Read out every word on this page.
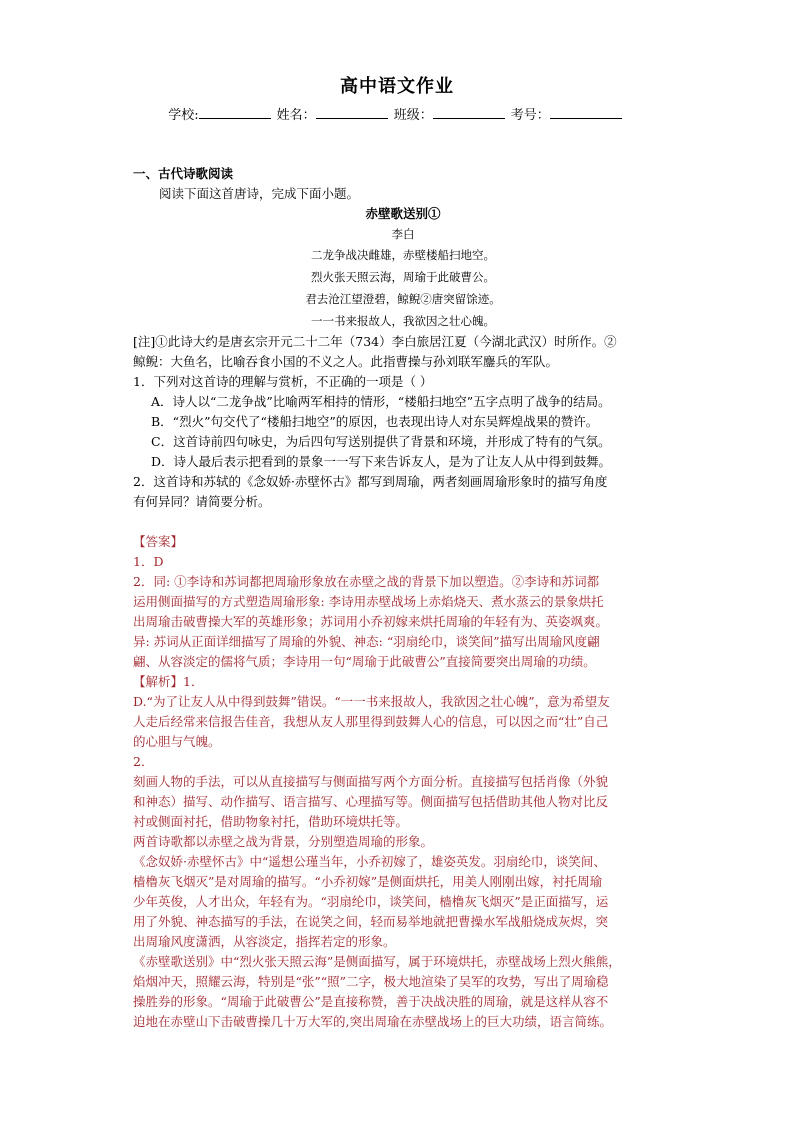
高中语文作业
学校:	姓名：	班级：	考号：

一、古代诗歌阅读

阅读下面这首唐诗，完成下面小题。

赤壁歌送别①

李白

二龙争战决雌雄，赤壁楼船扫地空。

烈火张天照云海，周瑜于此破曹公。

君去沧江望澄碧，鲸鲵②唐突留馀迹。

一一书来报故人，我欲因之壮心魄。

[注]①此诗大约是唐玄宗开元二十二年（734）李白旅居江夏（今湖北武汉）时所作。②

鲸鲵：大鱼名，比喻吞食小国的不义之人。此指曹操与孙刘联军鏖兵的军队。

1．下列对这首诗的理解与赏析，不正确的一项是（ ）

A．诗人以“二龙争战”比喻两军相持的情形，“楼船扫地空”五字点明了战争的结局。

B．“烈火”句交代了“楼船扫地空”的原因，也表现出诗人对东吴辉煌战果的赞许。

C．这首诗前四句咏史，为后四句写送别提供了背景和环境，并形成了特有的气氛。

D．诗人最后表示把看到的景象一一写下来告诉友人，是为了让友人从中得到鼓舞。

2．这首诗和苏轼的《念奴娇·赤壁怀古》都写到周瑜，两者刻画周瑜形象时的描写角度

有何异同？请简要分析。

【答案】

1．D

2．同: ①李诗和苏词都把周瑜形象放在赤壁之战的背景下加以塑造。②李诗和苏词都

运用侧面描写的方式塑造周瑜形象: 李诗用赤壁战场上赤焰烧天、煮水蒸云的景象烘托

出周瑜击破曹操大军的英雄形象；苏词用小乔初嫁来烘托周瑜的年轻有为、英姿飒爽。

异: 苏词从正面详细描写了周瑜的外貌、神态: “羽扇纶巾，谈笑间”描写出周瑜风度翩

翩、从容淡定的儒将气质；李诗用一句“周瑜于此破曹公”直接简要突出周瑜的功绩。

【解析】1．

D.“为了让友人从中得到鼓舞”错误。“一一书来报故人，我欲因之壮心魄”，意为希望友

人走后经常来信报告佳音，我想从友人那里得到鼓舞人心的信息，可以因之而“壮”自己

的心胆与气魄。

2．

刻画人物的手法，可以从直接描写与侧面描写两个方面分析。直接描写包括肖像（外貌

和神态）描写、动作描写、语言描写、心理描写等。侧面描写包括借助其他人物对比反

衬或侧面衬托，借助物象衬托，借助环境烘托等。

两首诗歌都以赤壁之战为背景，分别塑造周瑜的形象。

《念奴娇·赤壁怀古》中“遥想公瑾当年，小乔初嫁了，雄姿英发。羽扇纶巾，谈笑间、

樯橹灰飞烟灭”是对周瑜的描写。“小乔初嫁”是侧面烘托，用美人刚刚出嫁，衬托周瑜

少年英俊，人才出众，年轻有为。“羽扇纶巾，谈笑间，樯橹灰飞烟灭”是正面描写，运

用了外貌、神态描写的手法，在说笑之间，轻而易举地就把曹操水军战船烧成灰烬，突

出周瑜风度潇洒，从容淡定，指挥若定的形象。

《赤壁歌送别》中“烈火张天照云海”是侧面描写，属于环境烘托，赤壁战场上烈火熊熊，

焰烟冲天，照耀云海，特别是“张”“照”二字，极大地渲染了吴军的攻势，写出了周瑜稳

操胜券的形象。“周瑜于此破曹公”是直接称赞，善于决战决胜的周瑜，就是这样从容不

迫地在赤壁山下击破曹操几十万大军的,突出周瑜在赤壁战场上的巨大功绩，语言简练。
